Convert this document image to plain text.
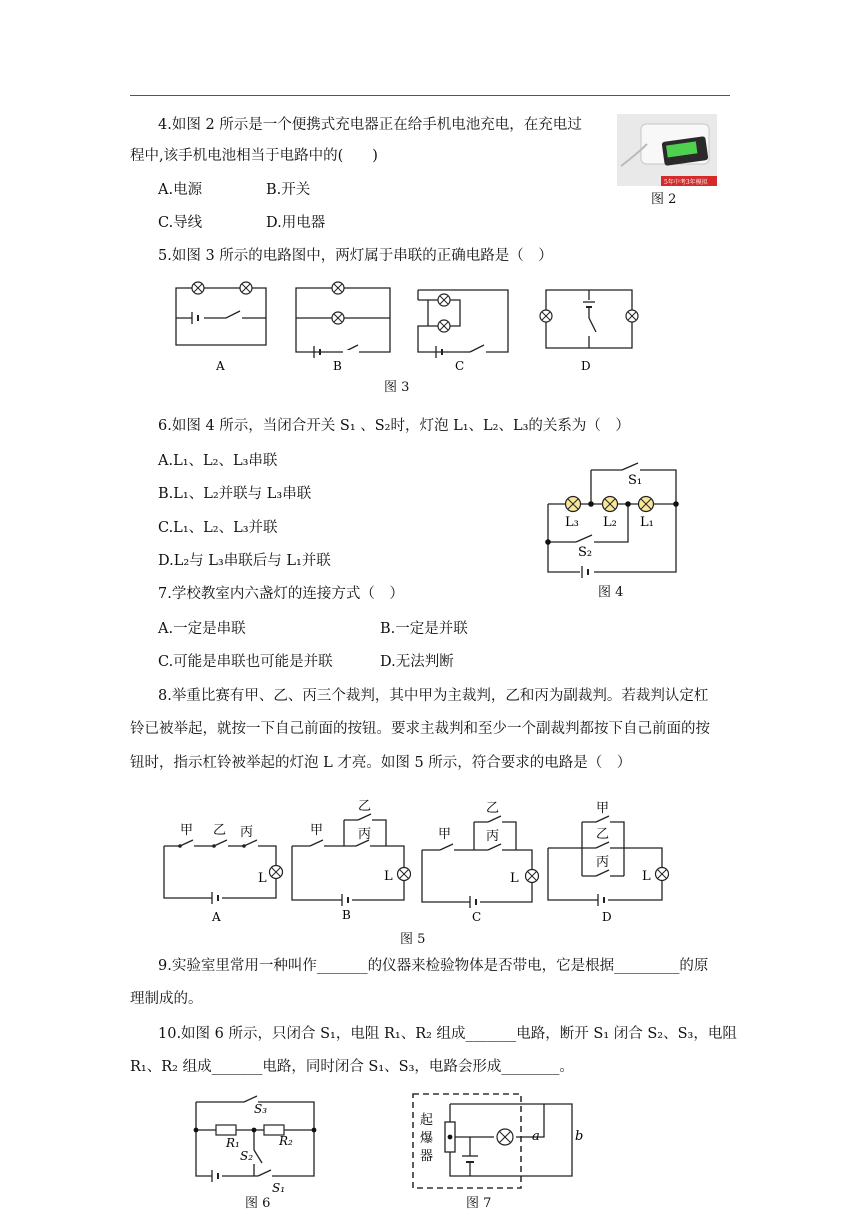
4.如图 2 所示是一个便携式充电器正在给手机电池充电，在充电过
程中,该手机电池相当于电路中的(　　)
A.电源	B.开关
C.导线	D.用电器
5年中考3年模拟
图 2
5.如图 3 所示的电路图中，两灯属于串联的正确电路是（　）
A	B	C	D
图 3
6.如图 4 所示，当闭合开关 S₁ 、S₂时，灯泡 L₁、L₂、L₃的关系为（　）
A.L₁、L₂、L₃串联
B.L₁、L₂并联与 L₃串联
C.L₁、L₂、L₃并联
D.L₂与 L₃串联后与 L₁并联
S₁
L₃ L₂ L₁
S₂
图 4
7.学校教室内六盏灯的连接方式（　）
A.一定是串联	B.一定是并联
C.可能是串联也可能是并联	D.无法判断
8.举重比赛有甲、乙、丙三个裁判，其中甲为主裁判，乙和丙为副裁判。若裁判认定杠
铃已被举起，就按一下自己前面的按钮。要求主裁判和至少一个副裁判都按下自己前面的按
钮时，指示杠铃被举起的灯泡 L 才亮。如图 5 所示，符合要求的电路是（　）
甲 乙 丙
L
甲
乙
丙
L
甲
乙
丙
L
甲
乙
丙
L
A	B	C	D
图 5
9.实验室里常用一种叫作_______的仪器来检验物体是否带电，它是根据_________的原
理制成的。
10.如图 6 所示，只闭合 S₁，电阻 R₁、R₂ 组成_______电路，断开 S₁ 闭合 S₂、S₃，电阻
R₁、R₂ 组成_______电路，同时闭合 S₁、S₃，电路会形成________。
S₃
R₁	R₂
S₂
S₁
图 6
起
爆
器
a	b
图 7
